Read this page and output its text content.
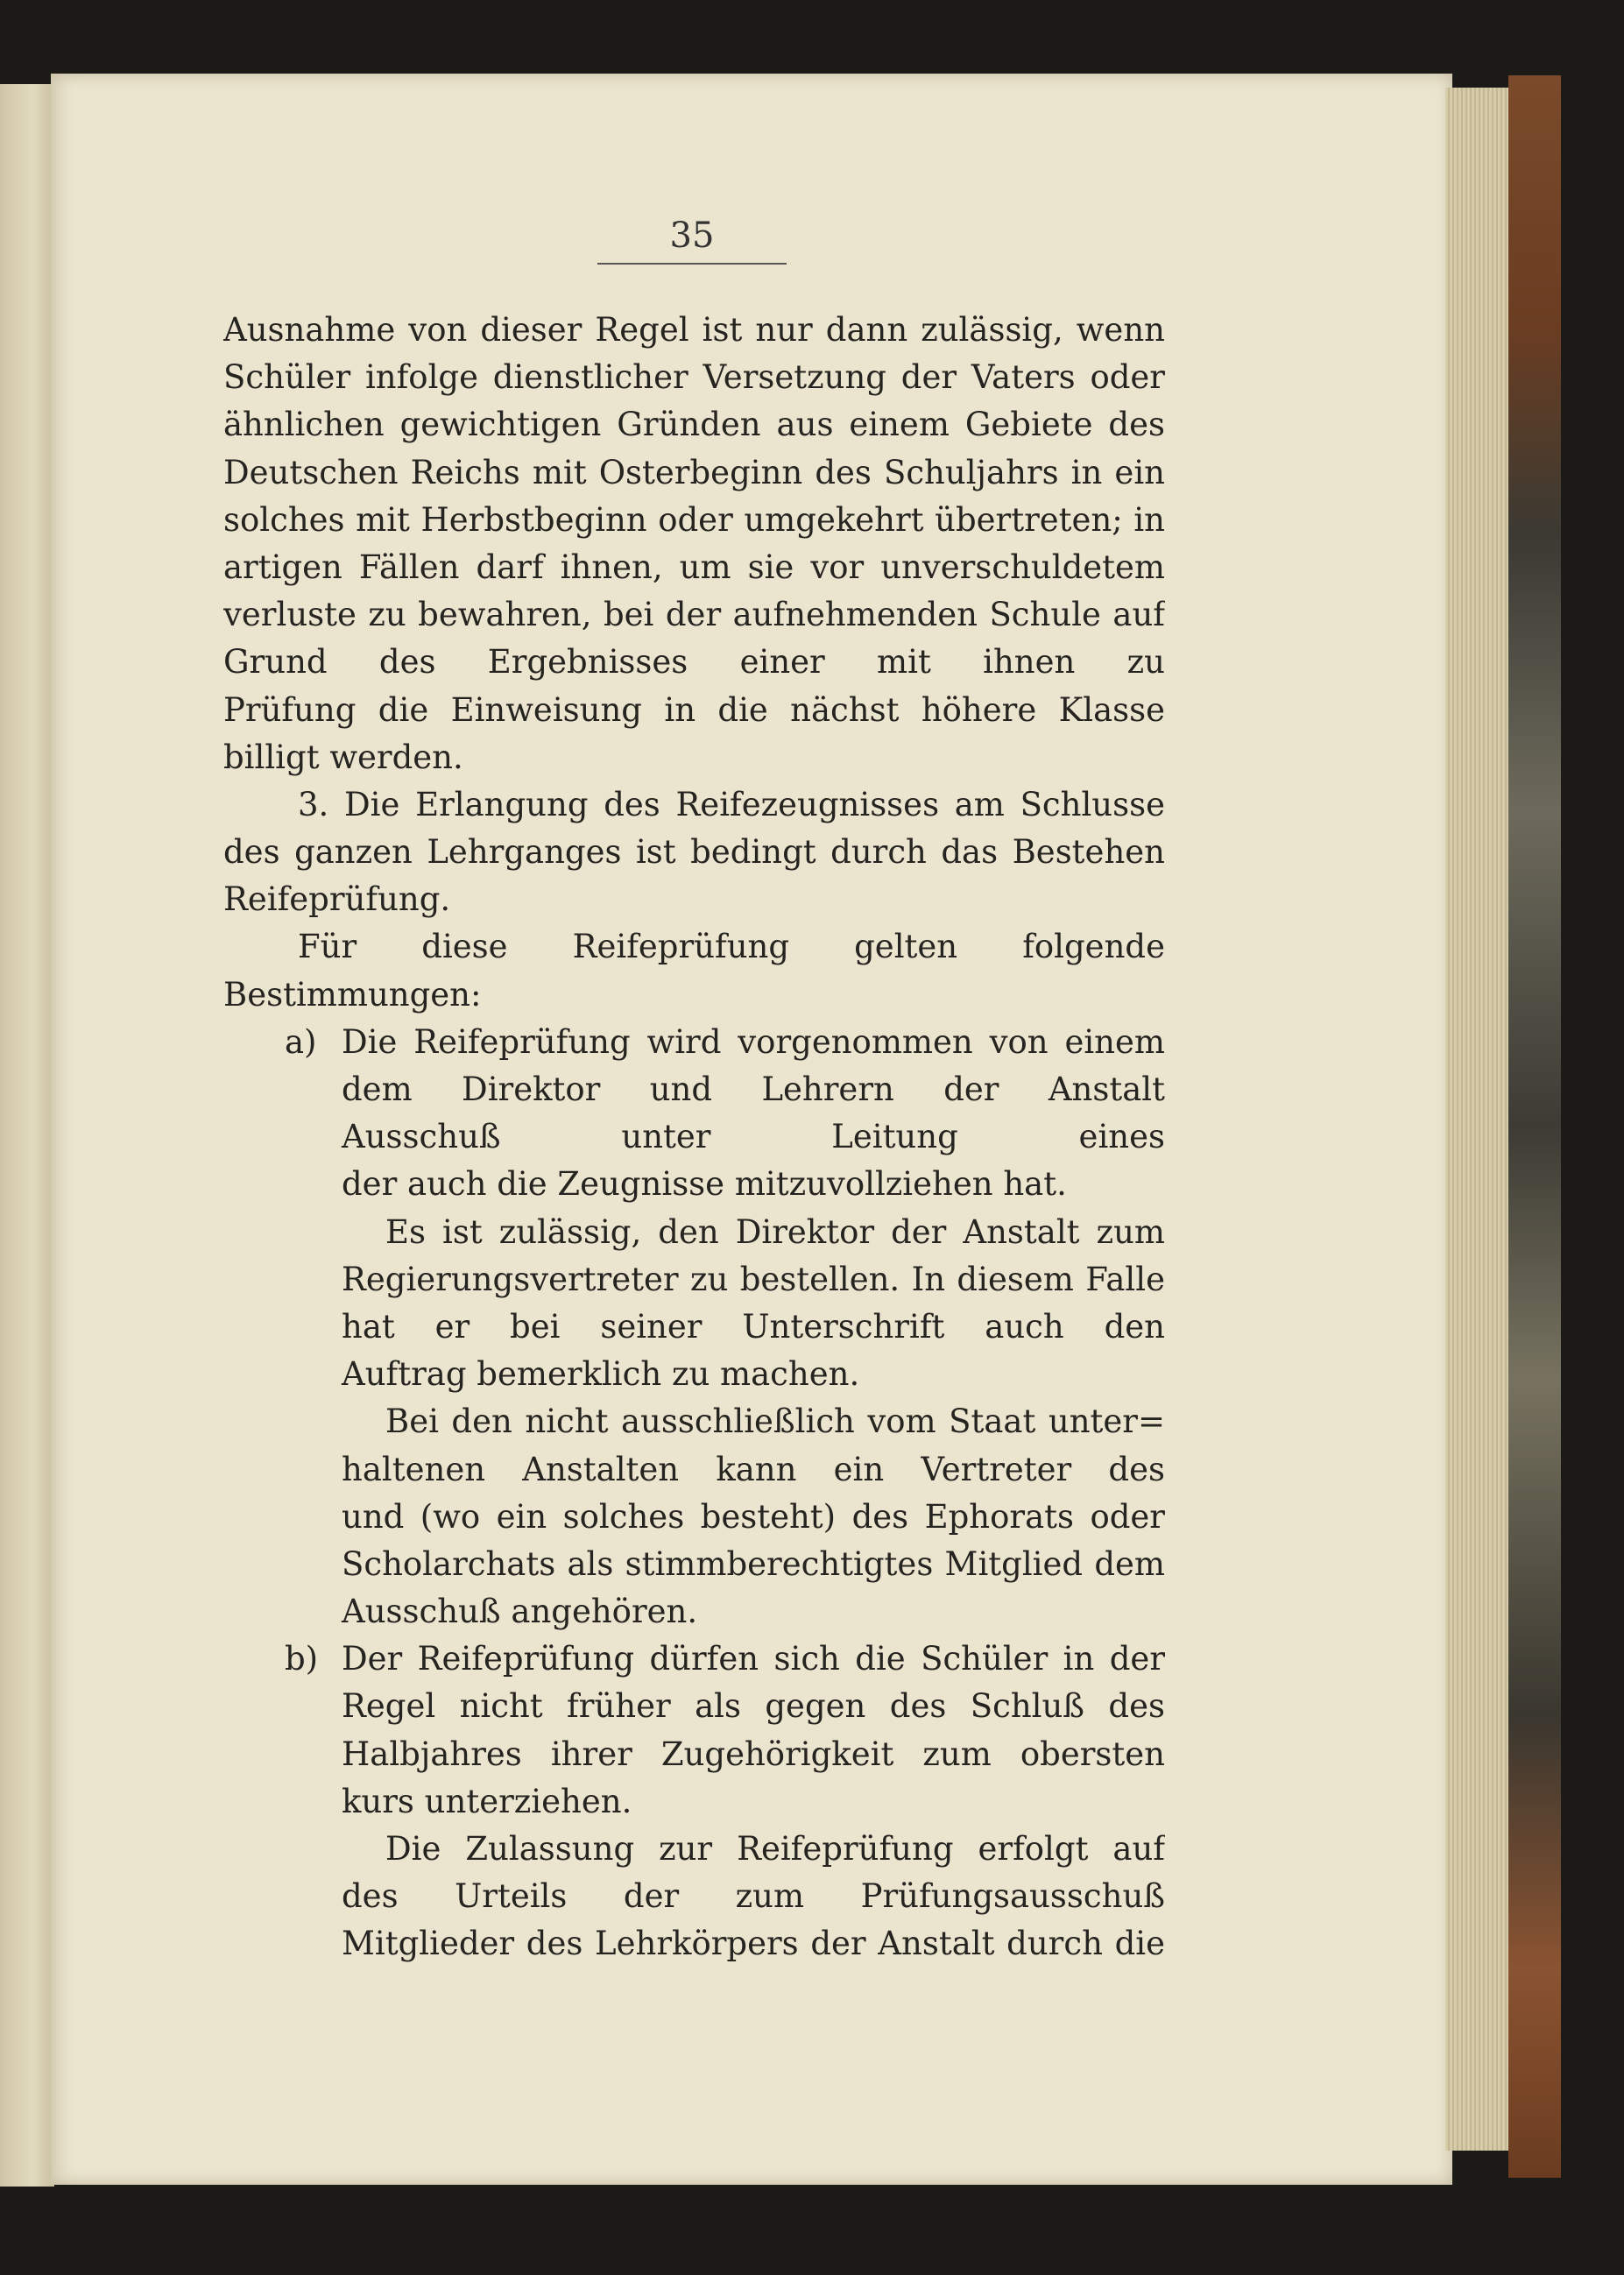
35
Ausnahme von dieser Regel ist nur dann zulässig, wenn
Schüler infolge dienstlicher Versetzung der Vaters oder
ähnlichen gewichtigen Gründen aus einem Gebiete des
Deutschen Reichs mit Osterbeginn des Schuljahrs in ein
solches mit Herbstbeginn oder umgekehrt übertreten; in
artigen Fällen darf ihnen, um sie vor unverschuldetem
verluste zu bewahren, bei der aufnehmenden Schule auf
Grund des Ergebnisses einer mit ihnen zu
Prüfung die Einweisung in die nächst höhere Klasse
billigt werden.
3. Die Erlangung des Reifezeugnisses am Schlusse
des ganzen Lehrganges ist bedingt durch das Bestehen
Reifeprüfung.
Für diese Reifeprüfung gelten folgende
Bestimmungen:
a) Die Reifeprüfung wird vorgenommen von einem
dem Direktor und Lehrern der Anstalt
Ausschuß unter Leitung eines
der auch die Zeugnisse mitzuvollziehen hat.
Es ist zulässig, den Direktor der Anstalt zum
Regierungsvertreter zu bestellen. In diesem Falle
hat er bei seiner Unterschrift auch den
Auftrag bemerklich zu machen.
Bei den nicht ausschließlich vom Staat unter=
haltenen Anstalten kann ein Vertreter des
und (wo ein solches besteht) des Ephorats oder
Scholarchats als stimmberechtigtes Mitglied dem
Ausschuß angehören.
b) Der Reifeprüfung dürfen sich die Schüler in der
Regel nicht früher als gegen des Schluß des
Halbjahres ihrer Zugehörigkeit zum obersten
kurs unterziehen.
Die Zulassung zur Reifeprüfung erfolgt auf
des Urteils der zum Prüfungsausschuß
Mitglieder des Lehrkörpers der Anstalt durch die
